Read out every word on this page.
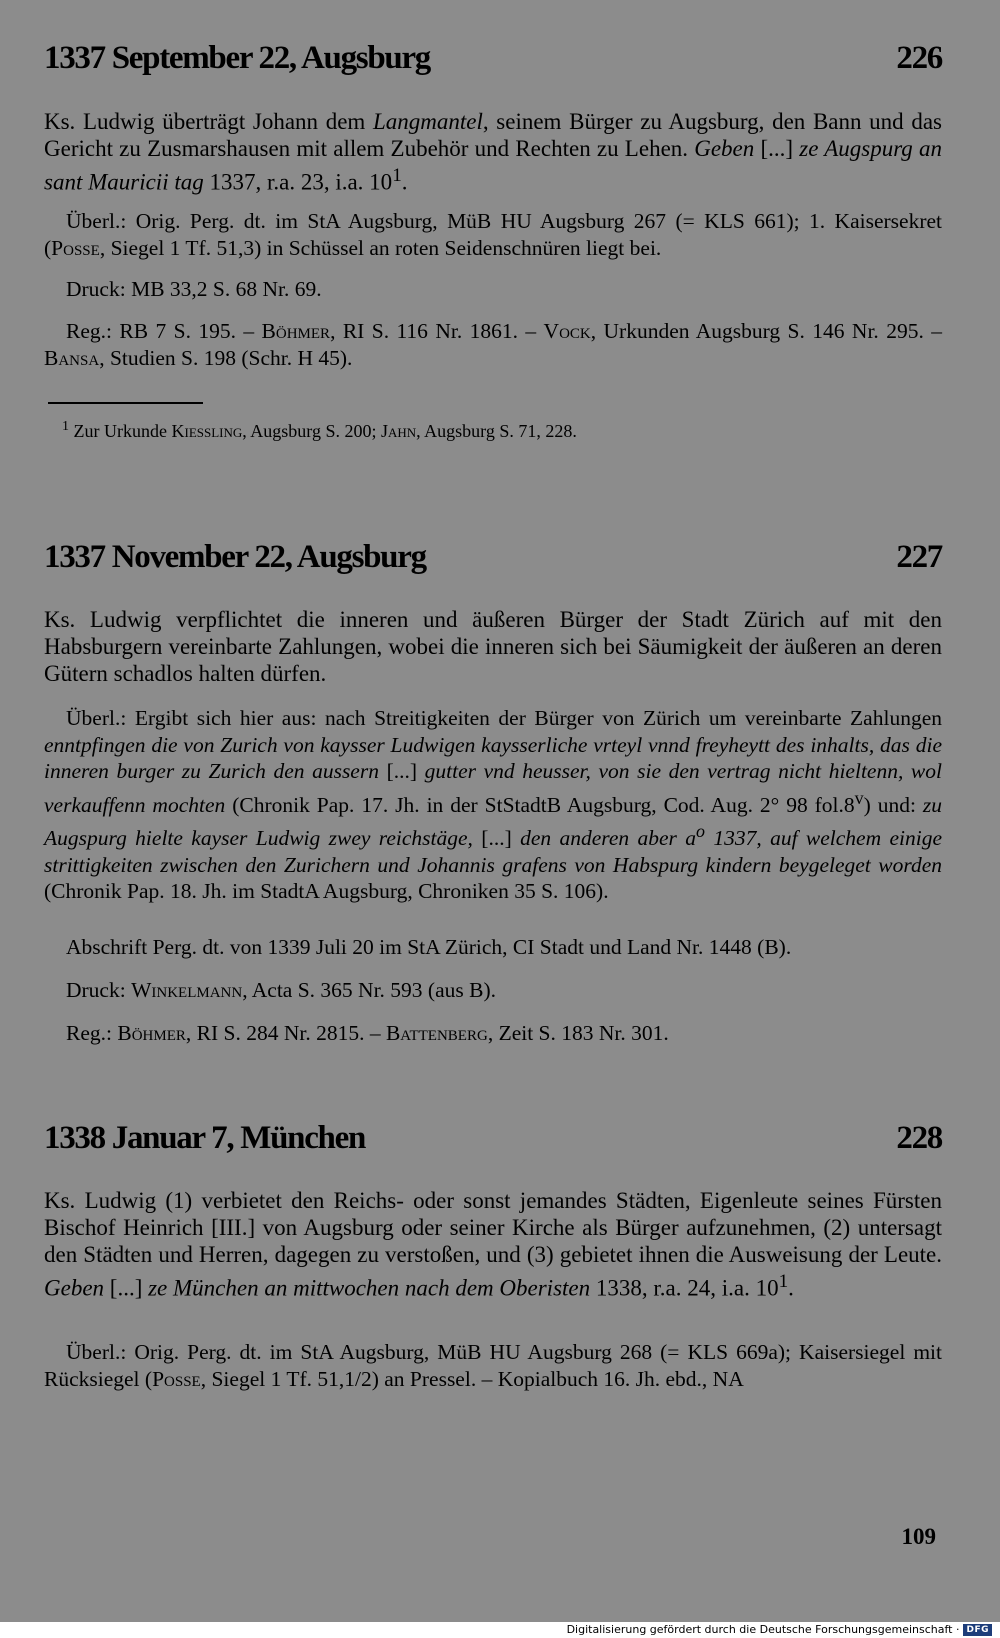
1337 September 22, Augsburg	226
Ks. Ludwig überträgt Johann dem Langmantel, seinem Bürger zu Augsburg, den Bann und das Gericht zu Zusmarshausen mit allem Zubehör und Rechten zu Lehen. Geben [...] ze Augspurg an sant Mauricii tag 1337, r.a. 23, i.a. $10^1$.
Überl.: Orig. Perg. dt. im StA Augsburg, MüB HU Augsburg 267 (= KLS 661); 1. Kaisersekret (Posse, Siegel 1 Tf. 51,3) in Schüssel an roten Seidenschnüren liegt bei.
Druck: MB 33,2 S. 68 Nr. 69.
Reg.: RB 7 S. 195. – Böhmer, RI S. 116 Nr. 1861. – Vock, Urkunden Augsburg S. 146 Nr. 295. – Bansa, Studien S. 198 (Schr. H 45).
$^1$ Zur Urkunde Kiessling, Augsburg S. 200; Jahn, Augsburg S. 71, 228.
1337 November 22, Augsburg	227
Ks. Ludwig verpflichtet die inneren und äußeren Bürger der Stadt Zürich auf mit den Habsburgern vereinbarte Zahlungen, wobei die inneren sich bei Säumigkeit der äußeren an deren Gütern schadlos halten dürfen.
Überl.: Ergibt sich hier aus: nach Streitigkeiten der Bürger von Zürich um vereinbarte Zahlungen enntpfingen die von Zurich von kaysser Ludwigen kaysserliche vrteyl vnnd freyheytt des inhalts, das die inneren burger zu Zurich den aussern [...] gutter vnd heusser, von sie den vertrag nicht hieltenn, wol verkauffenn mochten (Chronik Pap. 17. Jh. in der StStadtB Augsburg, Cod. Aug. 2° 98 fol.8$^v$) und: zu Augspurg hielte kayser Ludwig zwey reichstäge, [...] den anderen aber $a^o$ 1337, auf welchem einige strittigkeiten zwischen den Zurichern und Johannis grafens von Habspurg kindern beygeleget worden (Chronik Pap. 18. Jh. im StadtA Augsburg, Chroniken 35 S. 106).
Abschrift Perg. dt. von 1339 Juli 20 im StA Zürich, CI Stadt und Land Nr. 1448 (B).
Druck: Winkelmann, Acta S. 365 Nr. 593 (aus B).
Reg.: Böhmer, RI S. 284 Nr. 2815. – Battenberg, Zeit S. 183 Nr. 301.
1338 Januar 7, München	228
Ks. Ludwig (1) verbietet den Reichs- oder sonst jemandes Städten, Eigenleute seines Fürsten Bischof Heinrich [III.] von Augsburg oder seiner Kirche als Bürger aufzunehmen, (2) untersagt den Städten und Herren, dagegen zu verstoßen, und (3) gebietet ihnen die Ausweisung der Leute. Geben [...] ze München an mittwochen nach dem Oberisten 1338, r.a. 24, i.a. $10^1$.
Überl.: Orig. Perg. dt. im StA Augsburg, MüB HU Augsburg 268 (= KLS 669a); Kaisersiegel mit Rücksiegel (Posse, Siegel 1 Tf. 51,1/2) an Pressel. – Kopialbuch 16. Jh. ebd., NA
109
Digitalisierung gefördert durch die Deutsche Forschungsgemeinschaft · DFG
